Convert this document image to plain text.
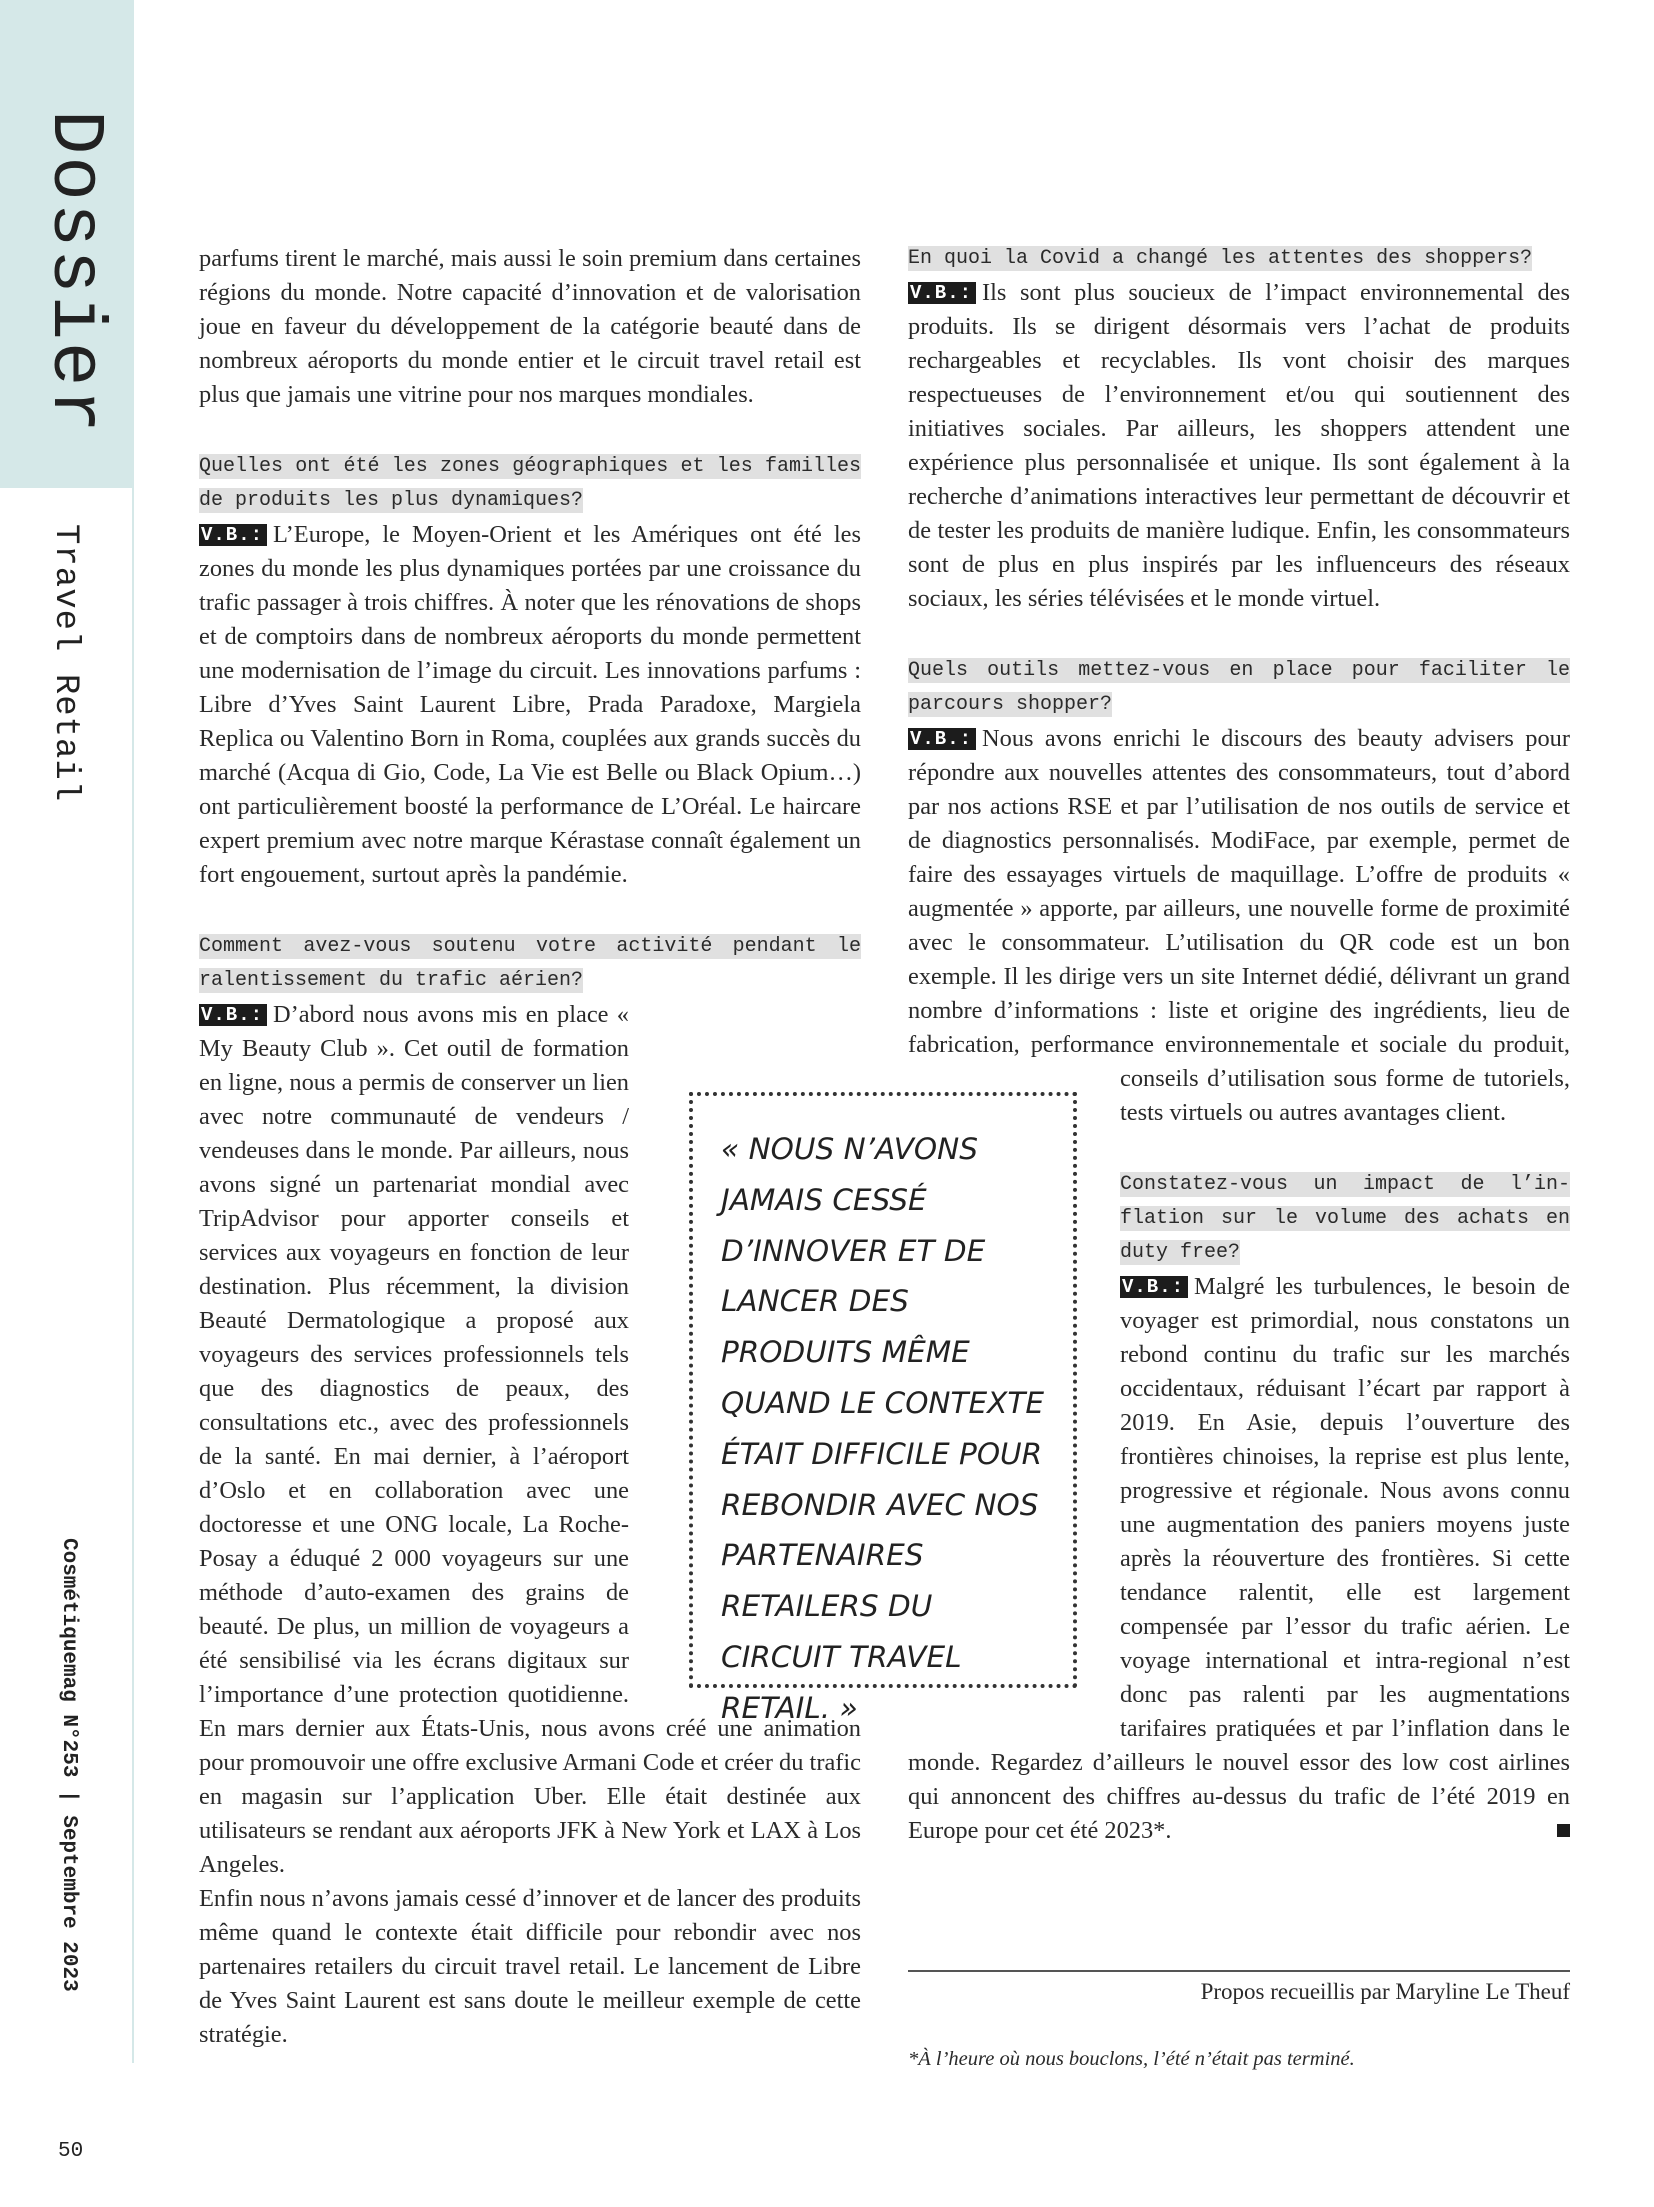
Dossier
Travel Retail
Cosmétiquemag N°253 | Septembre 2023
50

parfums tirent le marché, mais aussi le soin premium dans certaines régions du monde. Notre capacité d’innovation et de valorisation joue en faveur du développement de la catégorie beauté dans de nombreux aéroports du monde entier et le circuit travel retail est plus que jamais une vitrine pour nos marques mondiales.

Quelles ont été les zones géographiques et les familles de produits les plus dynamiques?

V.B.: L’Europe, le Moyen-Orient et les Amériques ont été les zones du monde les plus dynamiques portées par une croissance du trafic passager à trois chiffres. À noter que les rénovations de shops et de comptoirs dans de nombreux aéroports du monde permettent une modernisation de l’image du circuit. Les innovations parfums : Libre d’Yves Saint Laurent Libre, Prada Paradoxe, Margiela Replica ou Valentino Born in Roma, couplées aux grands succès du marché (Acqua di Gio, Code, La Vie est Belle ou Black Opium…) ont particulièrement boosté la performance de L’Oréal. Le haircare expert premium avec notre marque Kérastase connaît également un fort engouement, surtout après la pandémie.

Comment avez-vous soutenu votre activité pendant le ralentissement du trafic aérien?

V.B.: D’abord nous avons mis en place « My Beauty Club ». Cet outil de formation en ligne, nous a permis de conserver un lien avec notre communauté de vendeurs / vendeuses dans le monde. Par ailleurs, nous avons signé un partenariat mondial avec TripAdvisor pour apporter conseils et services aux voyageurs en fonction de leur destination. Plus récemment, la division Beauté Dermatologique a proposé aux voyageurs des services professionnels tels que des diagnostics de peaux, des consultations etc., avec des professionnels de la santé. En mai dernier, à l’aéroport d’Oslo et en collaboration avec une doctoresse et une ONG locale, La Roche-Posay a éduqué 2 000 voyageurs sur une méthode d’auto-examen des grains de beauté. De plus, un million de voyageurs a été sensibilisé via les écrans digitaux sur l’importance d’une protection quotidienne. En mars dernier aux États-Unis, nous avons créé une animation pour promouvoir une offre exclusive Armani Code et créer du trafic en magasin sur l’application Uber. Elle était destinée aux utilisateurs se rendant aux aéroports JFK à New York et LAX à Los Angeles.

Enfin nous n’avons jamais cessé d’innover et de lancer des produits même quand le contexte était difficile pour rebondir avec nos partenaires retailers du circuit travel retail. Le lancement de Libre de Yves Saint Laurent est sans doute le meilleur exemple de cette stratégie.

« NOUS N’AVONS JAMAIS CESSÉ D’INNOVER ET DE LANCER DES PRODUITS MÊME QUAND LE CONTEXTE ÉTAIT DIFFICILE POUR REBONDIR AVEC NOS PARTENAIRES RETAILERS DU CIRCUIT TRAVEL RETAIL. »
En quoi la Covid a changé les attentes des shoppers?

V.B.: Ils sont plus soucieux de l’impact environnemental des produits. Ils se dirigent désormais vers l’achat de produits rechargeables et recyclables. Ils vont choisir des marques respectueuses de l’environnement et/ou qui soutiennent des initiatives sociales. Par ailleurs, les shoppers attendent une expérience plus personnalisée et unique. Ils sont également à la recherche d’animations interactives leur permettant de découvrir et de tester les produits de manière ludique. Enfin, les consommateurs sont de plus en plus inspirés par les influenceurs des réseaux sociaux, les séries télévisées et le monde virtuel.

Quels outils mettez-vous en place pour faciliter le parcours shopper?

V.B.: Nous avons enrichi le discours des beauty advisers pour répondre aux nouvelles attentes des consommateurs, tout d’abord par nos actions RSE et par l’utilisation de nos outils de service et de diagnostics personnalisés. ModiFace, par exemple, permet de faire des essayages virtuels de maquillage. L’offre de produits « augmentée » apporte, par ailleurs, une nouvelle forme de proximité avec le consommateur. L’utilisation du QR code est un bon exemple. Il les dirige vers un site Internet dédié, délivrant un grand nombre d’informations : liste et origine des ingrédients, lieu de fabrication, performance environnementale et sociale du produit, conseils d’utilisation sous forme de tutoriels, tests virtuels ou autres avantages client.

Constatez-vous un impact de l’inflation sur le volume des achats en duty free?

V.B.: Malgré les turbulences, le besoin de voyager est primordial, nous constatons un rebond continu du trafic sur les marchés occidentaux, réduisant l’écart par rapport à 2019. En Asie, depuis l’ouverture des frontières chinoises, la reprise est plus lente, progressive et régionale. Nous avons connu une augmentation des paniers moyens juste après la réouverture des frontières. Si cette tendance ralentit, elle est largement compensée par l’essor du trafic aérien. Le voyage international et intra-regional n’est donc pas ralenti par les augmentations tarifaires pratiquées et par l’inflation dans le monde. Regardez d’ailleurs le nouvel essor des low cost airlines qui annoncent des chiffres au-dessus du trafic de l’été 2019 en Europe pour cet été 2023*.

Propos recueillis par Maryline Le Theuf
*À l’heure où nous bouclons, l’été n’était pas terminé.
